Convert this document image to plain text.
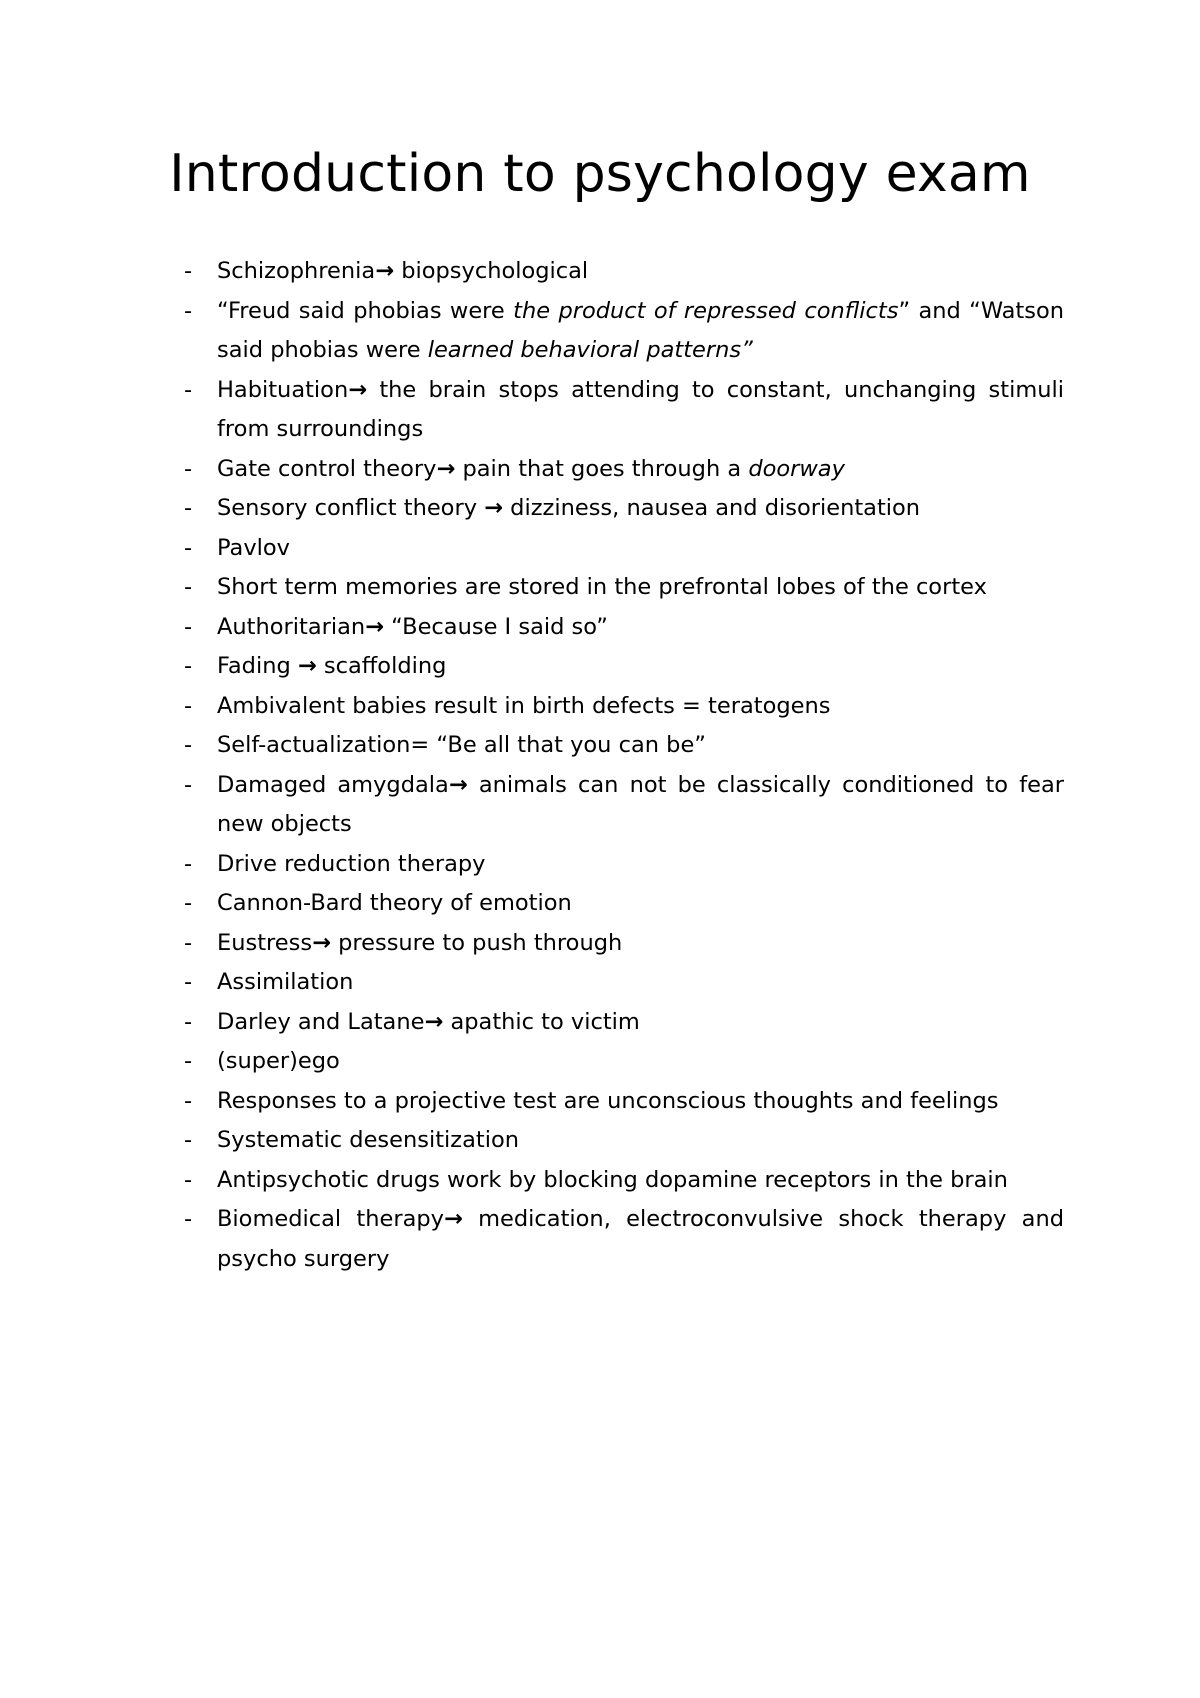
Introduction to psychology exam
- Schizophrenia→ biopsychological
- “Freud said phobias were the product of repressed conflicts” and “Watson said phobias were learned behavioral patterns”
- Habituation→ the brain stops attending to constant, unchanging stimuli from surroundings
- Gate control theory→ pain that goes through a doorway
- Sensory conflict theory → dizziness, nausea and disorientation
- Pavlov
- Short term memories are stored in the prefrontal lobes of the cortex
- Authoritarian→ “Because I said so”
- Fading → scaffolding
- Ambivalent babies result in birth defects = teratogens
- Self-actualization= “Be all that you can be”
- Damaged amygdala→ animals can not be classically conditioned to fear new objects
- Drive reduction therapy
- Cannon-Bard theory of emotion
- Eustress→ pressure to push through
- Assimilation
- Darley and Latane→ apathic to victim
- (super)ego
- Responses to a projective test are unconscious thoughts and feelings
- Systematic desensitization
- Antipsychotic drugs work by blocking dopamine receptors in the brain
- Biomedical therapy→ medication, electroconvulsive shock therapy and psycho surgery
